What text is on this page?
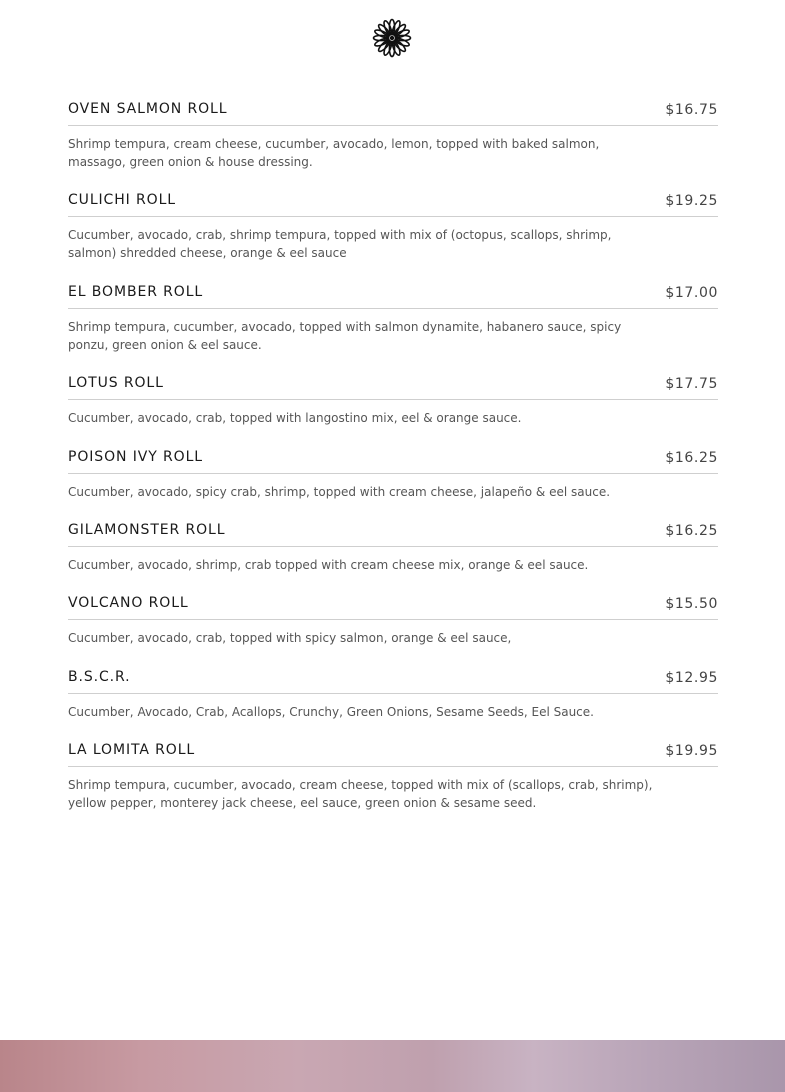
OVEN SALMON ROLL	$16.75
Shrimp tempura, cream cheese, cucumber, avocado, lemon, topped with baked salmon, massago, green onion & house dressing.
CULICHI ROLL	$19.25
Cucumber, avocado, crab, shrimp tempura, topped with mix of (octopus, scallops, shrimp, salmon) shredded cheese, orange & eel sauce
EL BOMBER ROLL	$17.00
Shrimp tempura, cucumber, avocado, topped with salmon dynamite, habanero sauce, spicy ponzu, green onion & eel sauce.
LOTUS ROLL	$17.75
Cucumber, avocado, crab, topped with langostino mix, eel & orange sauce.
POISON IVY ROLL	$16.25
Cucumber, avocado, spicy crab, shrimp, topped with cream cheese, jalapeño & eel sauce.
GILAMONSTER ROLL	$16.25
Cucumber, avocado, shrimp, crab topped with cream cheese mix, orange & eel sauce.
VOLCANO ROLL	$15.50
Cucumber, avocado, crab, topped with spicy salmon, orange & eel sauce,
B.S.C.R.	$12.95
Cucumber, Avocado, Crab, Acallops, Crunchy, Green Onions, Sesame Seeds, Eel Sauce.
LA LOMITA ROLL	$19.95
Shrimp tempura, cucumber, avocado, cream cheese, topped with mix of (scallops, crab, shrimp), yellow pepper, monterey jack cheese, eel sauce, green onion & sesame seed.
